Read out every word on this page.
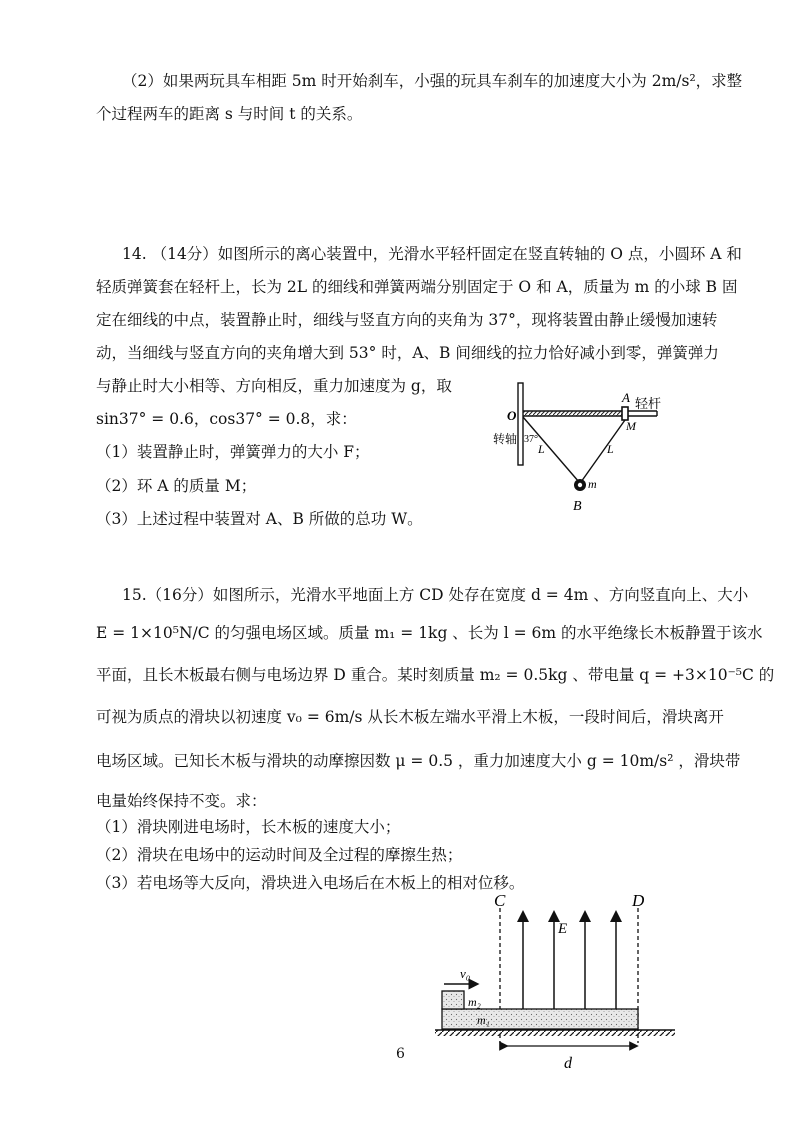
（2）如果两玩具车相距 5m 时开始刹车，小强的玩具车刹车的加速度大小为 2m/s²，求整
个过程两车的距离 s 与时间 t 的关系。
14. （14分）如图所示的离心装置中，光滑水平轻杆固定在竖直转轴的 O 点，小圆环 A 和
轻质弹簧套在轻杆上，长为 2L 的细线和弹簧两端分别固定于 O 和 A，质量为 m 的小球 B 固
定在细线的中点，装置静止时，细线与竖直方向的夹角为 37°，现将装置由静止缓慢加速转
动，当细线与竖直方向的夹角增大到 53° 时，A、B 间细线的拉力恰好减小到零，弹簧弹力
与静止时大小相等、方向相反，重力加速度为 g，取
sin37° = 0.6，cos37° = 0.8，求：
（1）装置静止时，弹簧弹力的大小 F；
（2）环 A 的质量 M；
（3）上述过程中装置对 A、B 所做的总功 W。
A 轻杆
O
M
转轴 37°
L	L
m
B
15.（16分）如图所示，光滑水平地面上方 CD 处存在宽度 d = 4m 、方向竖直向上、大小
E = 1×10⁵N/C 的匀强电场区域。质量 m₁ = 1kg 、长为 l = 6m 的水平绝缘长木板静置于该水
平面，且长木板最右侧与电场边界 D 重合。某时刻质量 m₂ = 0.5kg 、带电量 q = +3×10⁻⁵C 的
可视为质点的滑块以初速度 v₀ = 6m/s 从长木板左端水平滑上木板，一段时间后，滑块离开
电场区域。已知长木板与滑块的动摩擦因数 μ = 0.5 ，重力加速度大小 g = 10m/s² ，滑块带
电量始终保持不变。求：
（1）滑块刚进电场时，长木板的速度大小；
（2）滑块在电场中的运动时间及全过程的摩擦生热；
（3）若电场等大反向，滑块进入电场后在木板上的相对位移。
C	D
E
v₀
m₂
m₁
d
6
